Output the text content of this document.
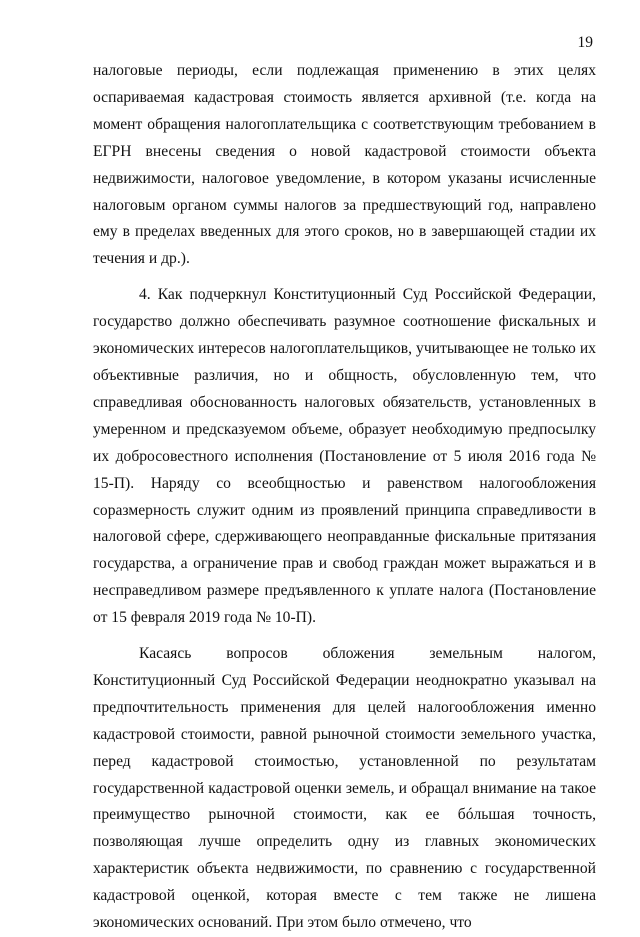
19

налоговые периоды, если подлежащая применению в этих целях оспариваемая кадастровая стоимость является архивной (т.е. когда на момент обращения налогоплательщика с соответствующим требованием в ЕГРН внесены сведения о новой кадастровой стоимости объекта недвижимости, налоговое уведомление, в котором указаны исчисленные налоговым органом суммы налогов за предшествующий год, направлено ему в пределах введенных для этого сроков, но в завершающей стадии их течения и др.).

4. Как подчеркнул Конституционный Суд Российской Федерации, государство должно обеспечивать разумное соотношение фискальных и экономических интересов налогоплательщиков, учитывающее не только их объективные различия, но и общность, обусловленную тем, что справедливая обоснованность налоговых обязательств, установленных в умеренном и предсказуемом объеме, образует необходимую предпосылку их добросовестного исполнения (Постановление от 5 июля 2016 года № 15-П). Наряду со всеобщностью и равенством налогообложения соразмерность служит одним из проявлений принципа справедливости в налоговой сфере, сдерживающего неоправданные фискальные притязания государства, а ограничение прав и свобод граждан может выражаться и в несправедливом размере предъявленного к уплате налога (Постановление от 15 февраля 2019 года № 10-П).

Касаясь вопросов обложения земельным налогом, Конституционный Суд Российской Федерации неоднократно указывал на предпочтительность применения для целей налогообложения именно кадастровой стоимости, равной рыночной стоимости земельного участка, перед кадастровой стоимостью, установленной по результатам государственной кадастровой оценки земель, и обращал внимание на такое преимущество рыночной стоимости, как ее бóльшая точность, позволяющая лучше определить одну из главных экономических характеристик объекта недвижимости, по сравнению с государственной кадастровой оценкой, которая вместе с тем также не лишена экономических оснований. При этом было отмечено, что
